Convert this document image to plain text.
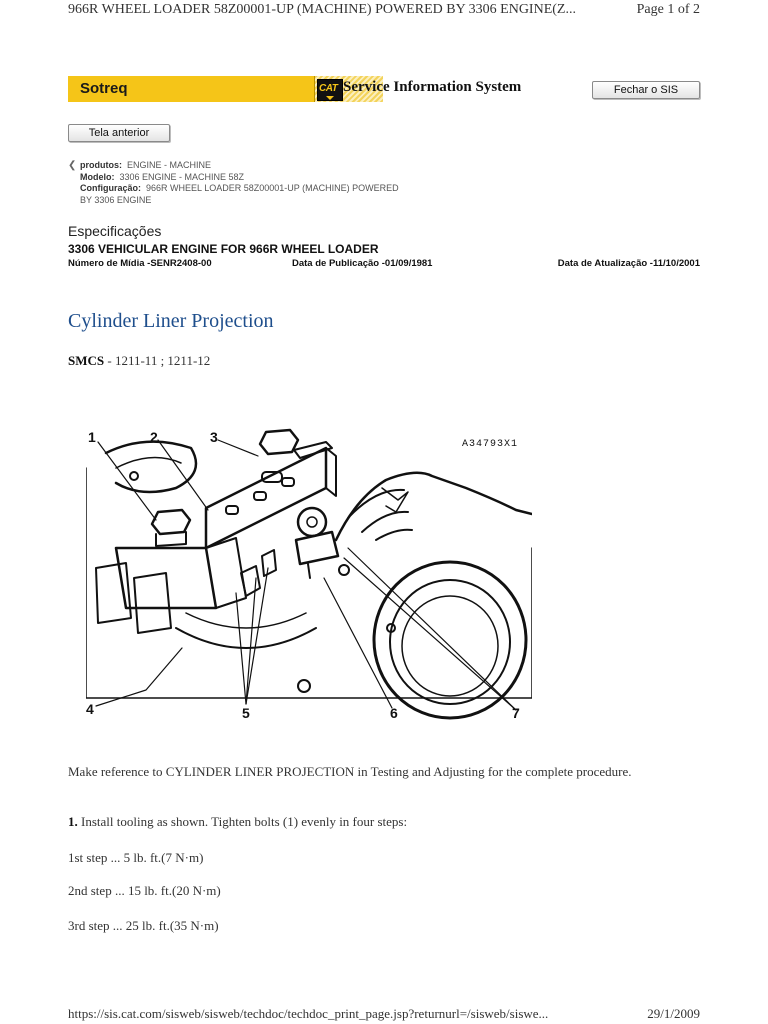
966R WHEEL LOADER 58Z00001-UP (MACHINE) POWERED BY 3306 ENGINE(Z...	Page 1 of 2
Sotreq	CAT Service Information System	Fechar o SIS
Tela anterior
❮ produtos: ENGINE - MACHINE
Modelo: 3306 ENGINE - MACHINE 58Z
Configuração: 966R WHEEL LOADER 58Z00001-UP (MACHINE) POWERED
BY 3306 ENGINE
Especificações
3306 VEHICULAR ENGINE FOR 966R WHEEL LOADER
Número de Mídia -SENR2408-00	Data de Publicação -01/09/1981	Data de Atualização -11/10/2001
Cylinder Liner Projection
SMCS - 1211-11 ; 1211-12
A34793X1
1	2	3
4	5	6	7
Make reference to CYLINDER LINER PROJECTION in Testing and Adjusting for the complete procedure.
1. Install tooling as shown. Tighten bolts (1) evenly in four steps:
1st step ... 5 lb. ft.(7 N·m)
2nd step ... 15 lb. ft.(20 N·m)
3rd step ... 25 lb. ft.(35 N·m)
https://sis.cat.com/sisweb/sisweb/techdoc/techdoc_print_page.jsp?returnurl=/sisweb/siswe...	29/1/2009
